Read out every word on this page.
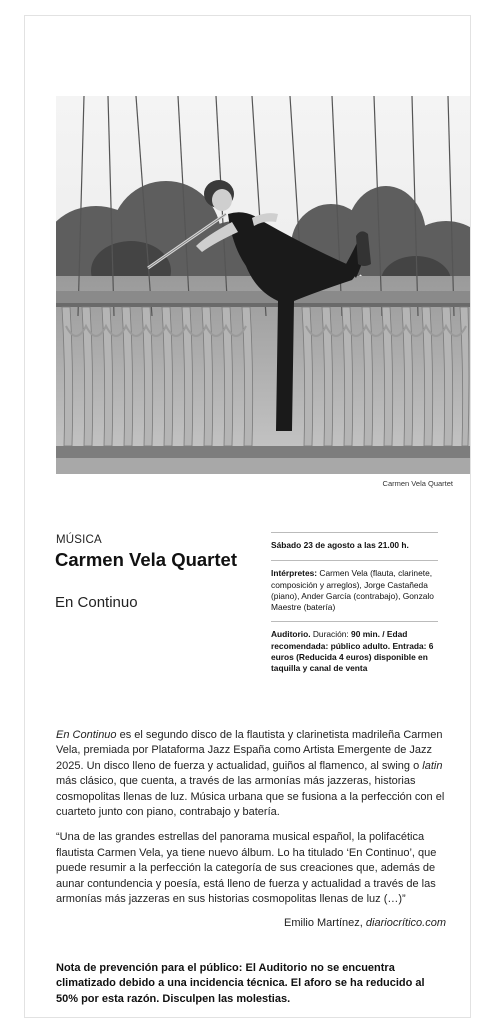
Carmen Vela Quartet
MÚSICA
Carmen Vela Quartet
En Continuo
Sábado 23 de agosto a las 21.00 h.
Intérpretes: Carmen Vela (flauta, clarinete, composición y arreglos), Jorge Castañeda (piano), Ander García (contrabajo), Gonzalo Maestre (batería)
Auditorio. Duración: 90 min. / Edad recomendada: público adulto. Entrada: 6 euros (Reducida 4 euros) disponible en taquilla y canal de venta

En Continuo es el segundo disco de la flautista y clarinetista madrileña Carmen Vela, premiada por Plataforma Jazz España como Artista Emergente de Jazz 2025. Un disco lleno de fuerza y actualidad, guiños al flamenco, al swing o latin más clásico, que cuenta, a través de las armonías más jazzeras, historias cosmopolitas llenas de luz. Música urbana que se fusiona a la perfección con el cuarteto junto con piano, contrabajo y batería.

“Una de las grandes estrellas del panorama musical español, la polifacética flautista Carmen Vela, ya tiene nuevo álbum. Lo ha titulado ‘En Continuo’, que puede resumir a la perfección la categoría de sus creaciones que, además de aunar contundencia y poesía, está lleno de fuerza y actualidad a través de las armonías más jazzeras en sus historias cosmopolitas llenas de luz (…)”

Emilio Martínez, diariocrítico.com
Nota de prevención para el público: El Auditorio no se encuentra climatizado debido a una incidencia técnica. El aforo se ha reducido al 50% por esta razón. Disculpen las molestias.
